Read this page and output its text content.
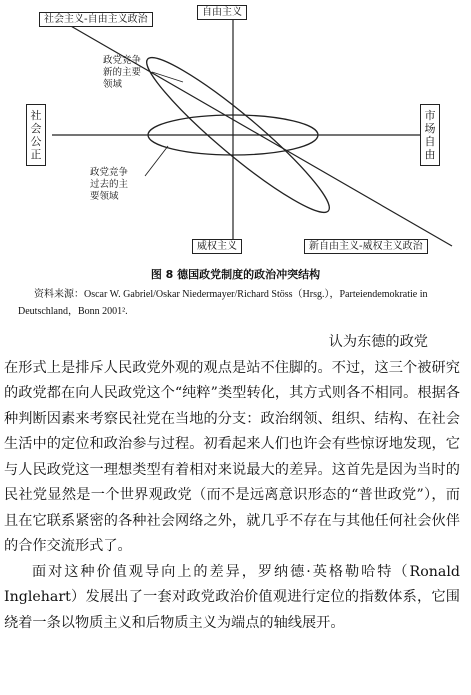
社会主义-自由主义政治
自由主义
社会公正
市场自由
威权主义	新自由主义-威权主义政治
政党竞争
新的主要
领域
政党竞争
过去的主
要领域
图 8 德国政党制度的政治冲突结构
资料来源：Oscar W. Gabriel/Oskar Niedermayer/Richard Stöss（Hrsg.），Parteiendemokratie in Deutschland，Bonn 2001².

认为东德的政党

在形式上是排斥人民政党外观的观点是站不住脚的。不过，这三个被研究的政党都在向人民政党这个“纯粹”类型转化，其方式则各不相同。根据各种判断因素来考察民社党在当地的分支：政治纲领、组织、结构、在社会生活中的定位和政治参与过程。初看起来人们也许会有些惊讶地发现，它与人民政党这一理想类型有着相对来说最大的差异。这首先是因为当时的民社党显然是一个世界观政党（而不是远离意识形态的“普世政党”），而且在它联系紧密的各种社会网络之外，就几乎不存在与其他任何社会伙伴的合作交流形式了。

面对这种价值观导向上的差异，罗纳德·英格勒哈特（Ronald Inglehart）发展出了一套对政党政治价值观进行定位的指数体系，它围绕着一条以物质主义和后物质主义为端点的轴线展开。
